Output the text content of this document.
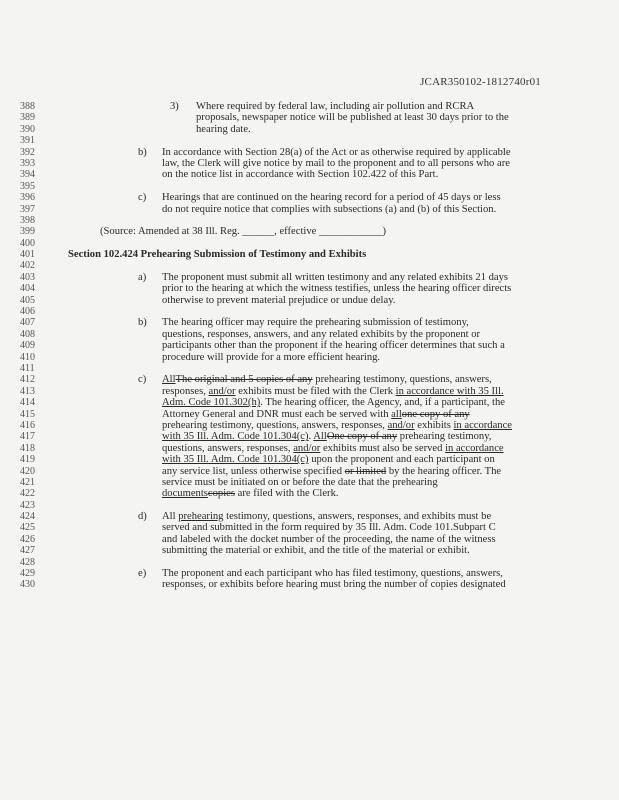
JCAR350102-1812740r01
388	3) Where required by federal law, including air pollution and RCRA
389	proposals, newspaper notice will be published at least 30 days prior to the
390	hearing date.
391
392	b) In accordance with Section 28(a) of the Act or as otherwise required by applicable
393	law, the Clerk will give notice by mail to the proponent and to all persons who are
394	on the notice list in accordance with Section 102.422 of this Part.
395
396	c) Hearings that are continued on the hearing record for a period of 45 days or less
397	do not require notice that complies with subsections (a) and (b) of this Section.
398
399	(Source: Amended at 38 Ill. Reg. ______, effective ____________)
400
401	Section 102.424 Prehearing Submission of Testimony and Exhibits
402
403	a) The proponent must submit all written testimony and any related exhibits 21 days
404	prior to the hearing at which the witness testifies, unless the hearing officer directs
405	otherwise to prevent material prejudice or undue delay.
406
407	b) The hearing officer may require the prehearing submission of testimony,
408	questions, responses, answers, and any related exhibits by the proponent or
409	participants other than the proponent if the hearing officer determines that such a
410	procedure will provide for a more efficient hearing.
411
412	c) AllThe original and 5 copies of any prehearing testimony, questions, answers,
413	responses, and/or exhibits must be filed with the Clerk in accordance with 35 Ill.
414	Adm. Code 101.302(h). The hearing officer, the Agency, and, if a participant, the
415	Attorney General and DNR must each be served with allone copy of any
416	prehearing testimony, questions, answers, responses, and/or exhibits in accordance
417	with 35 Ill. Adm. Code 101.304(c). AllOne copy of any prehearing testimony,
418	questions, answers, responses, and/or exhibits must also be served in accordance
419	with 35 Ill. Adm. Code 101.304(c) upon the proponent and each participant on
420	any service list, unless otherwise specified or limited by the hearing officer. The
421	service must be initiated on or before the date that the prehearing
422	documentscopies are filed with the Clerk.
423
424	d) All prehearing testimony, questions, answers, responses, and exhibits must be
425	served and submitted in the form required by 35 Ill. Adm. Code 101.Subpart C
426	and labeled with the docket number of the proceeding, the name of the witness
427	submitting the material or exhibit, and the title of the material or exhibit.
428
429	e) The proponent and each participant who has filed testimony, questions, answers,
430	responses, or exhibits before hearing must bring the number of copies designated
